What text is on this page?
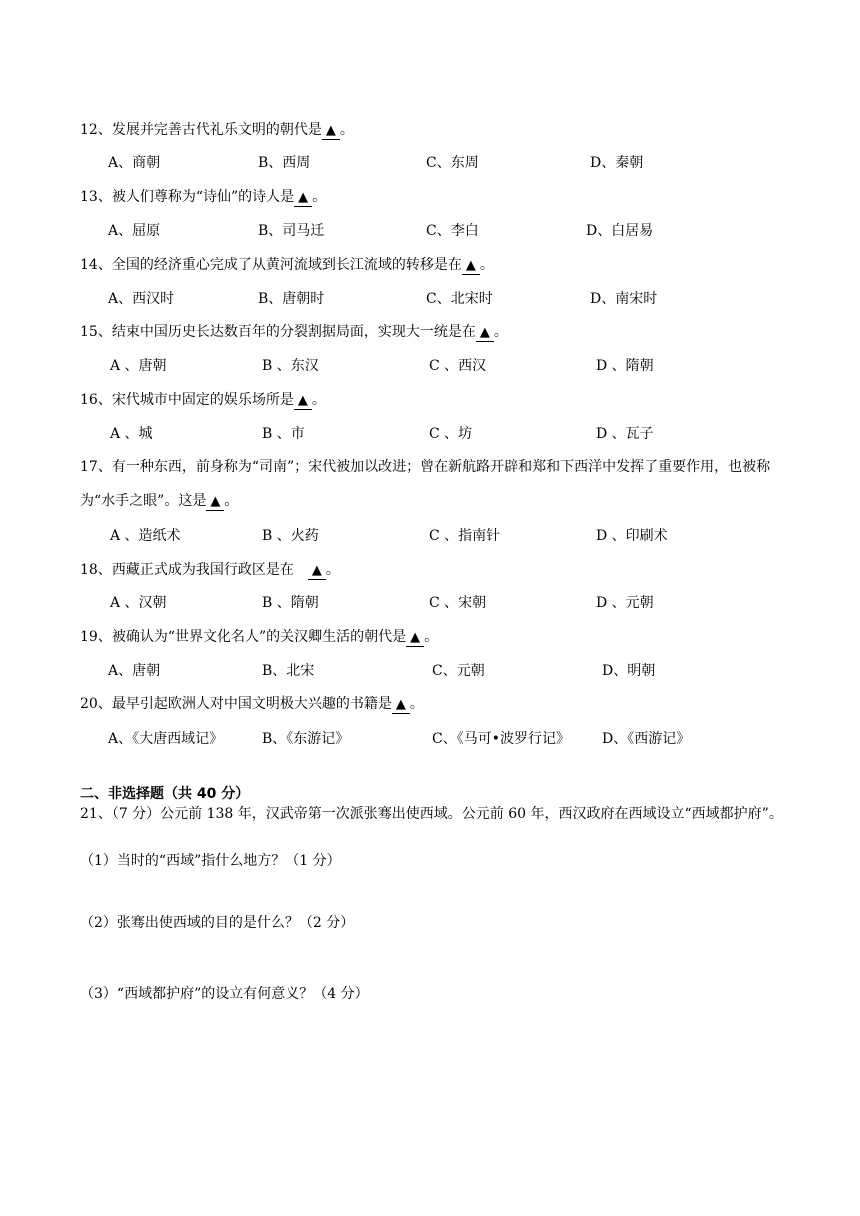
12、发展并完善古代礼乐文明的朝代是 ▲ 。
A、商朝	B、西周	C、东周	D、秦朝
13、被人们尊称为“诗仙”的诗人是 ▲ 。
A、屈原	B、司马迁	C、李白	D、白居易
14、全国的经济重心完成了从黄河流域到长江流域的转移是在 ▲ 。
A、西汉时	B、唐朝时	C、北宋时	D、南宋时
15、结束中国历史长达数百年的分裂割据局面，实现大一统是在 ▲ 。
A 、唐朝	B 、东汉	C 、西汉	D 、隋朝
16、宋代城市中固定的娱乐场所是 ▲ 。
A 、城	B 、市	C 、坊	D 、瓦子
17、有一种东西，前身称为“司南”；宋代被加以改进；曾在新航路开辟和郑和下西洋中发挥了重要作用，也被称为“水手之眼”。这是 ▲ 。
A 、造纸术	B 、火药	C 、指南针	D 、印刷术
18、西藏正式成为我国行政区是在 ▲ 。
A 、汉朝	B 、隋朝	C 、宋朝	D 、元朝
19、被确认为“世界文化名人”的关汉卿生活的朝代是 ▲ 。
A、唐朝	B、北宋	C、元朝	D、明朝
20、最早引起欧洲人对中国文明极大兴趣的书籍是 ▲ 。
A、《大唐西域记》	B、《东游记》	C、《马可•波罗行记》 D、《西游记》
二、非选择题（共 40 分）
21、（7 分）公元前 138 年，汉武帝第一次派张骞出使西域。公元前 60 年，西汉政府在西域设立“西域都护府”。
（1）当时的“西域”指什么地方？（1 分）
（2）张骞出使西域的目的是什么？（2 分）
（3）“西域都护府”的设立有何意义？（4 分）
